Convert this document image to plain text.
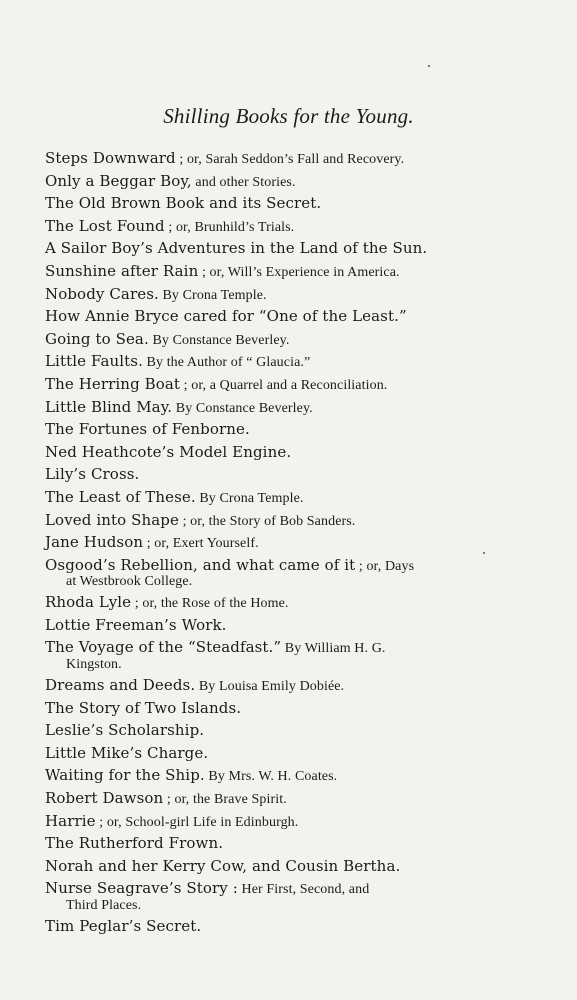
Shilling Books for the Young.
Steps Downward ; or, Sarah Seddon’s Fall and Recovery.
Only a Beggar Boy, and other Stories.
The Old Brown Book and its Secret.
The Lost Found ; or, Brunhild’s Trials.
A Sailor Boy’s Adventures in the Land of the Sun.
Sunshine after Rain ; or, Will’s Experience in America.
Nobody Cares. By Crona Temple.
How Annie Bryce cared for “One of the Least.”
Going to Sea. By Constance Beverley.
Little Faults. By the Author of “ Glaucia.”
The Herring Boat ; or, a Quarrel and a Reconciliation.
Little Blind May. By Constance Beverley.
The Fortunes of Fenborne.
Ned Heathcote’s Model Engine.
Lily’s Cross.
The Least of These. By Crona Temple.
Loved into Shape ; or, the Story of Bob Sanders.
Jane Hudson ; or, Exert Yourself.
Osgood’s Rebellion, and what came of it ; or, Days
at Westbrook College.
Rhoda Lyle ; or, the Rose of the Home.
Lottie Freeman’s Work.
The Voyage of the “Steadfast.” By William H. G.
Kingston.
Dreams and Deeds. By Louisa Emily Dobiée.
The Story of Two Islands.
Leslie’s Scholarship.
Little Mike’s Charge.
Waiting for the Ship. By Mrs. W. H. Coates.
Robert Dawson ; or, the Brave Spirit.
Harrie ; or, School-girl Life in Edinburgh.
The Rutherford Frown.
Norah and her Kerry Cow, and Cousin Bertha.
Nurse Seagrave’s Story : Her First, Second, and
Third Places.
Tim Peglar’s Secret.
